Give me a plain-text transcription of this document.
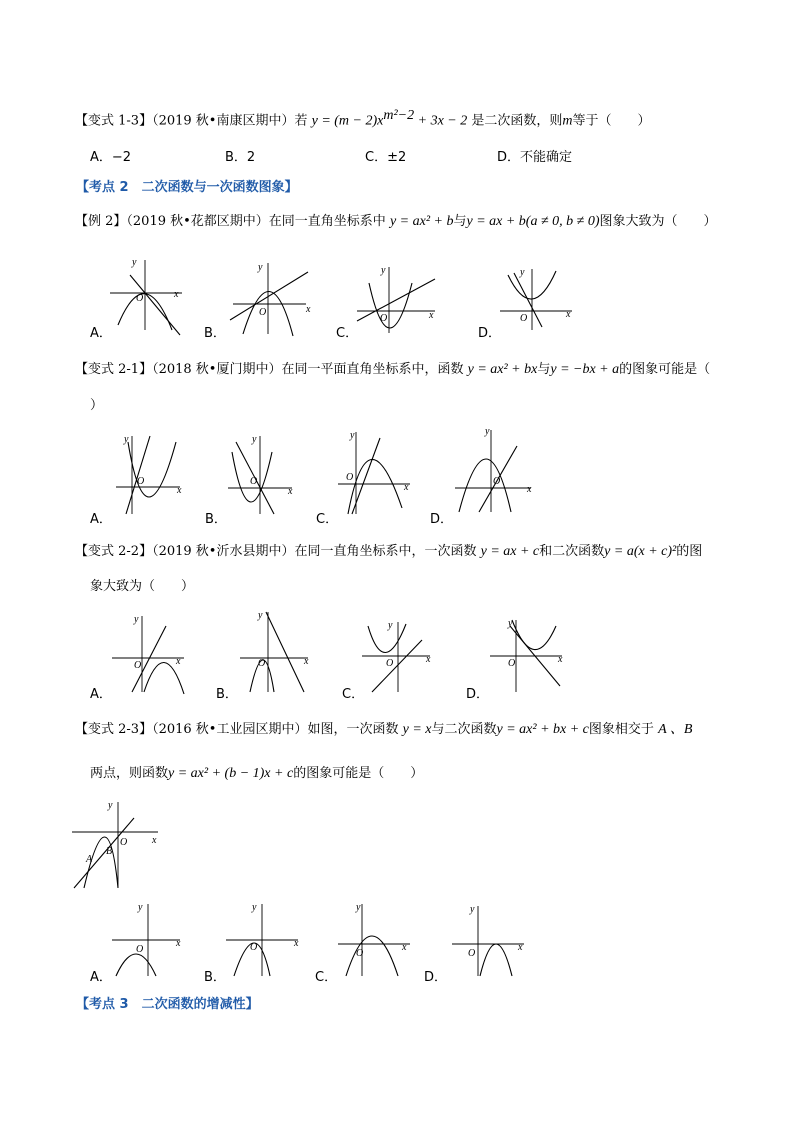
【变式 1-3】（2019 秋•南康区期中）若 $y = (m - 2)x^{m^2-2} + 3x - 2$ 是二次函数，则m等于（　　）
A．−2	B．2	C．±2	D．不能确定
【考点 2　二次函数与一次函数图象】
【例 2】（2019 秋•花都区期中）在同一直角坐标系中 y = ax² + b与y = ax + b(a ≠ 0, b ≠ 0)图象大致为（　　）
x
y
O
A．
x
y
O
B．
x
y
O
C．
x
y
O
D．
【变式 2-1】（2018 秋•厦门期中）在同一平面直角坐标系中，函数 y = ax² + bx与y = −bx + a的图象可能是（
）
x
y
O
A．
x
y
O
B．
x
y
O
C．
x
y
O
D．
【变式 2-2】（2019 秋•沂水县期中）在同一直角坐标系中，一次函数 y = ax + c和二次函数y = a(x + c)²的图
象大致为（　　）
x
y
O
A．
x
y
O
B．
x
y
O
C．
x
y
O
D．
【变式 2-3】（2016 秋•工业园区期中）如图，一次函数 y = x与二次函数y = ax² + bx + c图象相交于 A 、B
两点，则函数y = ax² + (b − 1)x + c的图象可能是（　　）
x
y
O
A
B
x
y
O
A．
x
y
O
B．
x
y
O
C．
x
y
O
D．
【考点 3　二次函数的增减性】
